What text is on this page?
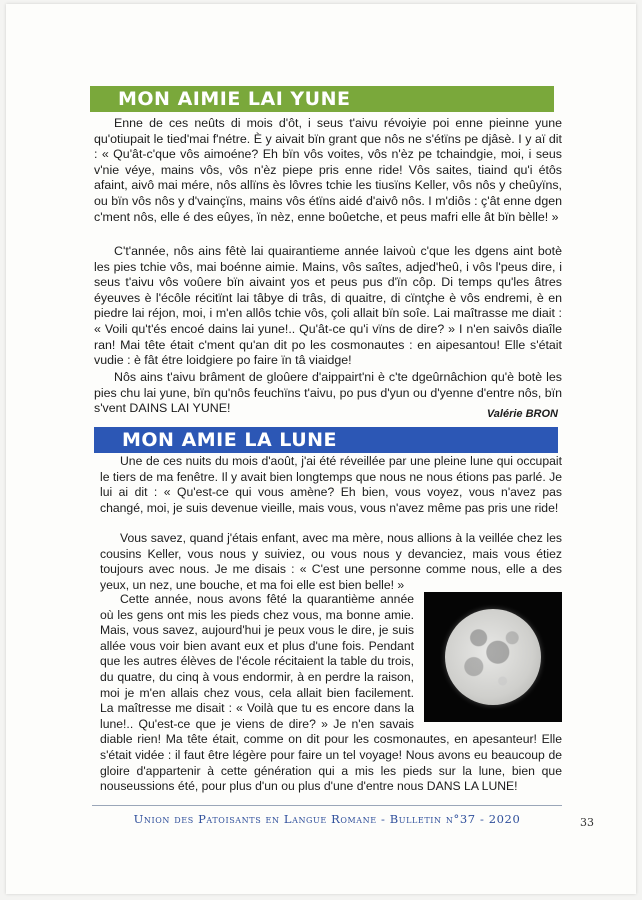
MON AIMIE LAI YUNE

Enne de ces neûts di mois d'ôt, i seus t'aivu révoiyie poi enne pieinne yune qu'otiupait le tied'mai f'nétre. È y aivait bïn grant que nôs ne s'étïns pe djâsè. I y aï dit : « Qu'ât-c'que vôs aimoéne? Eh bïn vôs voites, vôs n'èz pe tchaindgie, moi, i seus v'nie véye, mains vôs, vôs n'èz piepe pris enne ride! Vôs saites, tiaind qu'i étôs afaint, aivô mai mére, nôs allïns ès lôvres tchie les tiusïns Keller, vôs nôs y cheûyïns, ou bïn vôs nôs y d'vainçïns, mains vôs étïns aidé d'aivô nôs. I m'diôs : ç'ât enne dgen c'ment nôs, elle é des eûyes, ïn nèz, enne boûetche, et peus mafri elle ât bïn bèlle! »

C't'année, nôs ains fêtè lai quairantieme année laivoù c'que les dgens aint botè les pies tchie vôs, mai boénne aimie. Mains, vôs saîtes, adjed'heû, i vôs l'peus dire, i seus t'aivu vôs voûere bïn aivaint yos et peus pus d'ïn côp. Di temps qu'les âtres éyeuves è l'écôle récitïnt lai tâbye di trâs, di quaitre, di cïntçhe è vôs endremi, è en piedre lai réjon, moi, i m'en allôs tchie vôs, çoli allait bïn soîe. Lai maîtrasse me diait : « Voili qu't'és encoé dains lai yune!.. Qu'ât-ce qu'i vïns de dire? » I n'en saivôs diaîle ran! Mai tête était c'ment qu'an dit po les cosmonautes : en aipesantou! Elle s'était vudie : è fât étre loidgiere po faire ïn tâ viaidge!

Nôs ains t'aivu brâment de gloûere d'aippairt'ni è c'te dgeûrnâchion qu'è botè les pies chu lai yune, bïn qu'nôs feuchïns t'aivu, po pus d'yun ou d'yenne d'entre nôs, bïn s'vent DAINS LAI YUNE!	Valérie BRON

MON AMIE LA LUNE

Une de ces nuits du mois d'août, j'ai été réveillée par une pleine lune qui occupait le tiers de ma fenêtre. Il y avait bien longtemps que nous ne nous étions pas parlé. Je lui ai dit : « Qu'est-ce qui vous amène? Eh bien, vous voyez, vous n'avez pas changé, moi, je suis devenue vieille, mais vous, vous n'avez même pas pris une ride!

Vous savez, quand j'étais enfant, avec ma mère, nous allions à la veillée chez les cousins Keller, vous nous y suiviez, ou vous nous y devanciez, mais vous étiez toujours avec nous. Je me disais : « C'est une personne comme nous, elle a des yeux, un nez, une bouche, et ma foi elle est bien belle! »

Cette année, nous avons fêté la quarantième année où les gens ont mis les pieds chez vous, ma bonne amie. Mais, vous savez, aujourd'hui je peux vous le dire, je suis allée vous voir bien avant eux et plus d'une fois. Pendant que les autres élèves de l'école récitaient la table du trois, du quatre, du cinq à vous endormir, à en perdre la raison, moi je m'en allais chez vous, cela allait bien facilement. La maîtresse me disait : « Voilà que tu es encore dans la lune!.. Qu'est-ce que je viens de dire? » Je n'en savais diable rien! Ma tête était, comme on dit pour les cosmonautes, en apesanteur! Elle s'était vidée : il faut être légère pour faire un tel voyage! Nous avons eu beaucoup de gloire d'appartenir à cette génération qui a mis les pieds sur la lune, bien que nouseussions été, pour plus d'un ou plus d'une d'entre nous DANS LA LUNE!

Union des Patoisants en Langue Romane - Bulletin n°37 - 2020	33
